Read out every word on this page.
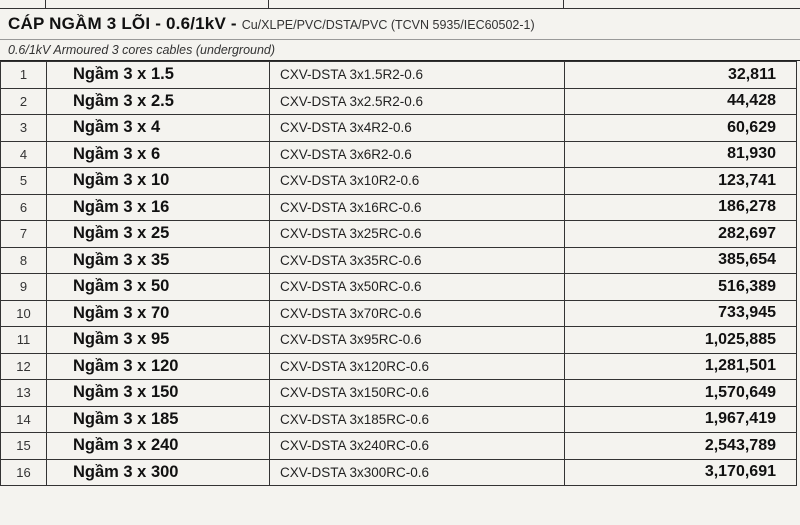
CÁP NGẦM 3 LÕI - 0.6/1kV - Cu/XLPE/PVC/DSTA/PVC (TCVN 5935/IEC60502-1)
0.6/1kV Armoured 3 cores cables (underground)
1	Ngầm 3 x 1.5	CXV-DSTA 3x1.5R2-0.6	32,811
2	Ngầm 3 x 2.5	CXV-DSTA 3x2.5R2-0.6	44,428
3	Ngầm 3 x 4	CXV-DSTA 3x4R2-0.6	60,629
4	Ngầm 3 x 6	CXV-DSTA 3x6R2-0.6	81,930
5	Ngầm 3 x 10	CXV-DSTA 3x10R2-0.6	123,741
6	Ngầm 3 x 16	CXV-DSTA 3x16RC-0.6	186,278
7	Ngầm 3 x 25	CXV-DSTA 3x25RC-0.6	282,697
8	Ngầm 3 x 35	CXV-DSTA 3x35RC-0.6	385,654
9	Ngầm 3 x 50	CXV-DSTA 3x50RC-0.6	516,389
10	Ngầm 3 x 70	CXV-DSTA 3x70RC-0.6	733,945
11	Ngầm 3 x 95	CXV-DSTA 3x95RC-0.6	1,025,885
12	Ngầm 3 x 120	CXV-DSTA 3x120RC-0.6	1,281,501
13	Ngầm 3 x 150	CXV-DSTA 3x150RC-0.6	1,570,649
14	Ngầm 3 x 185	CXV-DSTA 3x185RC-0.6	1,967,419
15	Ngầm 3 x 240	CXV-DSTA 3x240RC-0.6	2,543,789
16	Ngầm 3 x 300	CXV-DSTA 3x300RC-0.6	3,170,691
